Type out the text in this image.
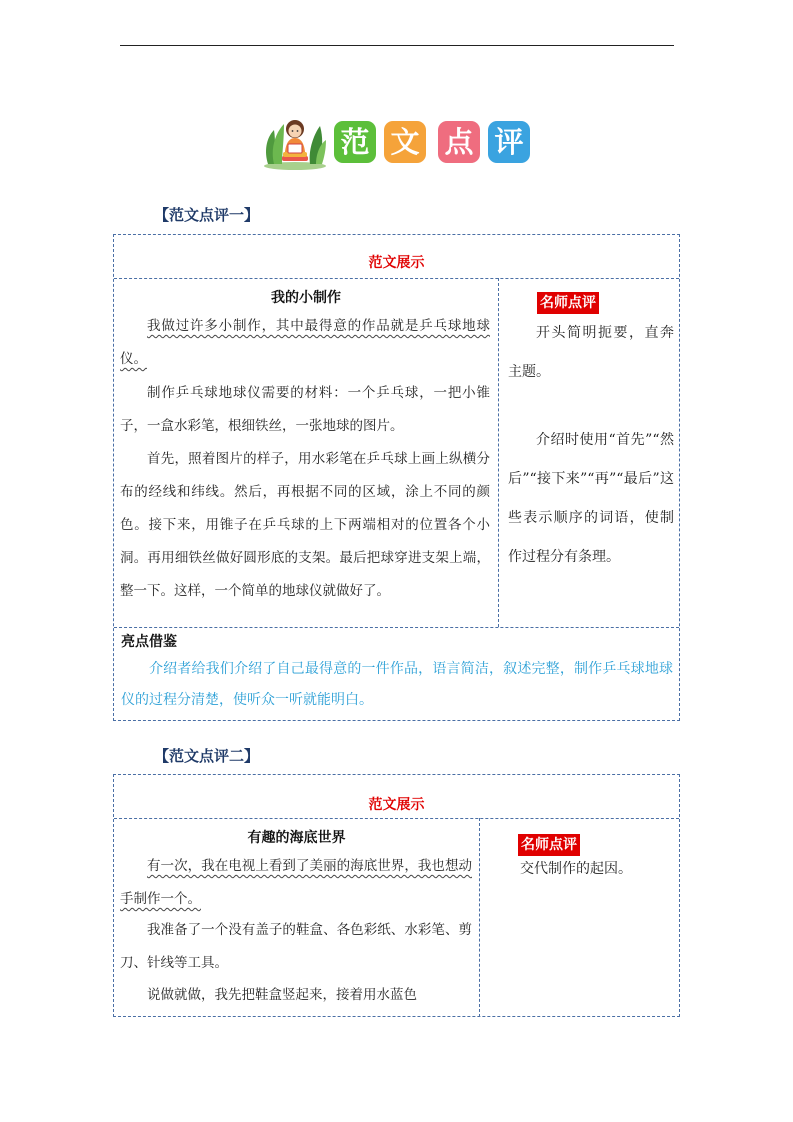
范 文 点 评
【范文点评一】
范文展示
我的小制作

我做过许多小制作，其中最得意的作品就是乒乓球地球仪。

制作乒乓球地球仪需要的材料：一个乒乓球，一把小锥子，一盒水彩笔，根细铁丝，一张地球的图片。

首先，照着图片的样子，用水彩笔在乒乓球上画上纵横分布的经线和纬线。然后，再根据不同的区域，涂上不同的颜色。接下来，用锥子在乒乓球的上下两端相对的位置各个小洞。再用细铁丝做好圆形底的支架。最后把球穿进支架上端，整一下。这样，一个简单的地球仪就做好了。

名师点评

开头简明扼要，直奔主题。

介绍时使用“首先”“然后”“接下来”“再”“最后”这些表示顺序的词语，使制作过程分有条理。

亮点借鉴

介绍者给我们介绍了自己最得意的一件作品，语言简洁，叙述完整，制作乒乓球地球仪的过程分清楚，使听众一听就能明白。

【范文点评二】
范文展示
有趣的海底世界

有一次，我在电视上看到了美丽的海底世界，我也想动手制作一个。

我准备了一个没有盖子的鞋盒、各色彩纸、水彩笔、剪刀、针线等工具。

说做就做，我先把鞋盒竖起来，接着用水蓝色

名师点评

交代制作的起因。
